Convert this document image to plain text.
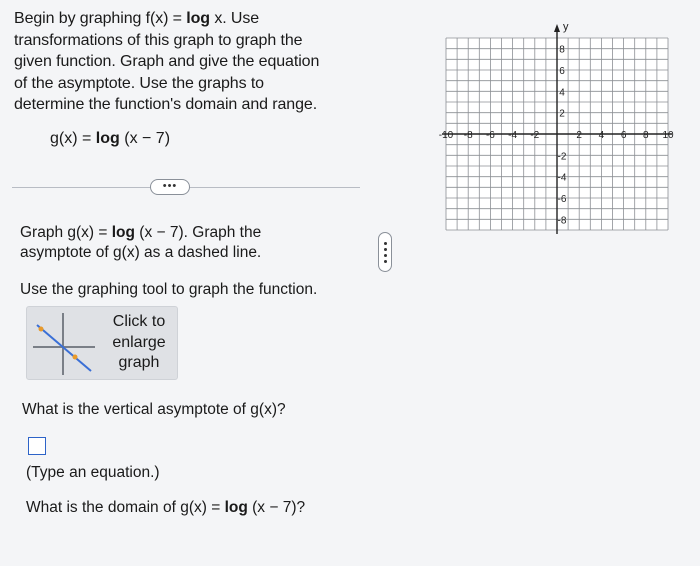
Begin by graphing f(x) = log x. Use
transformations of this graph to graph the
given function. Graph and give the equation
of the asymptote. Use the graphs to
determine the function's domain and range.
g(x) = log (x − 7)
•••
Graph g(x) = log (x − 7). Graph the
asymptote of g(x) as a dashed line.
Use the graphing tool to graph the function.
Click to
enlarge
graph
What is the vertical asymptote of g(x)?
(Type an equation.)
What is the domain of g(x) = log (x − 7)?
y
-10 -8 -6 -4 -2	2 4 6 8 10
8
6
4
2
-2
-4
-6
-8
